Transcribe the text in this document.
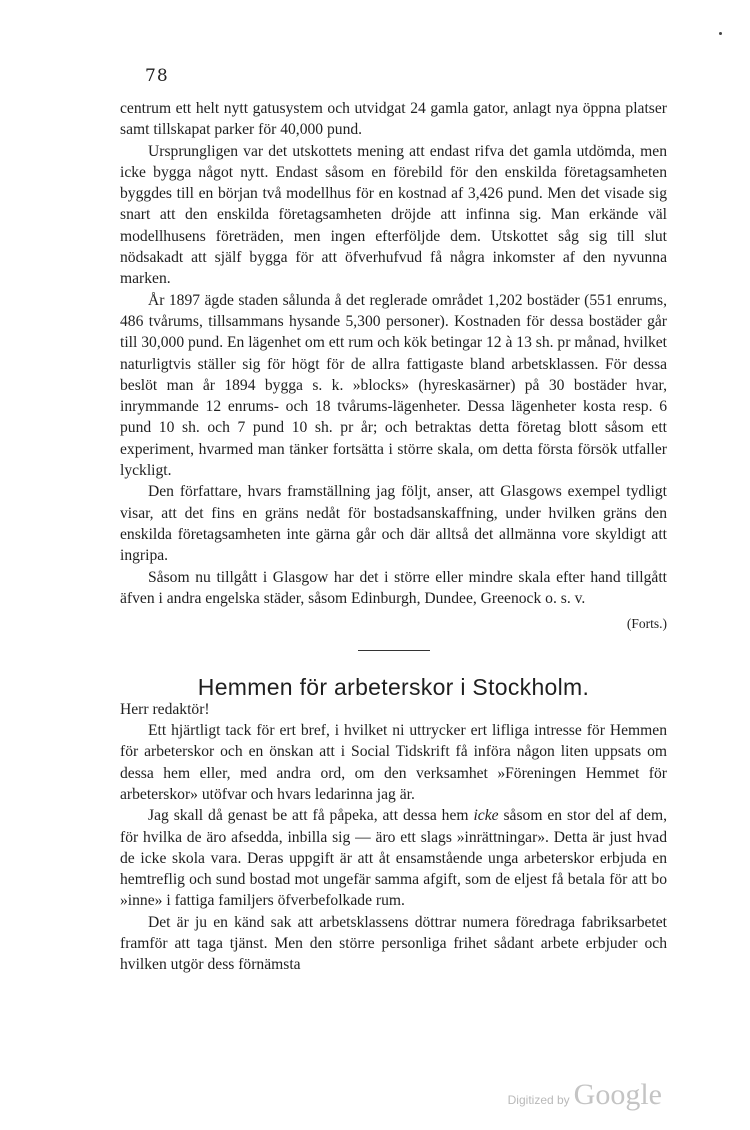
78

centrum ett helt nytt gatusystem och utvidgat 24 gamla gator, anlagt nya öppna platser samt tillskapat parker för 40,000 pund.

Ursprungligen var det utskottets mening att endast rifva det gamla utdömda, men icke bygga något nytt. Endast såsom en förebild för den enskilda företagsamheten byggdes till en början två modellhus för en kostnad af 3,426 pund. Men det visade sig snart att den enskilda företagsamheten dröjde att infinna sig. Man erkände väl modellhusens företräden, men ingen efterföljde dem. Utskottet såg sig till slut nödsakadt att själf bygga för att öfverhufvud få några inkomster af den nyvunna marken.

År 1897 ägde staden sålunda å det reglerade området 1,202 bostäder (551 enrums, 486 tvårums, tillsammans hysande 5,300 personer). Kostnaden för dessa bostäder går till 30,000 pund. En lägenhet om ett rum och kök betingar 12 à 13 sh. pr månad, hvilket naturligtvis ställer sig för högt för de allra fattigaste bland arbetsklassen. För dessa beslöt man år 1894 bygga s. k. »blocks» (hyreskasärner) på 30 bostäder hvar, inrymmande 12 enrums- och 18 tvårums-lägenheter. Dessa lägenheter kosta resp. 6 pund 10 sh. och 7 pund 10 sh. pr år; och betraktas detta företag blott såsom ett experiment, hvarmed man tänker fortsätta i större skala, om detta första försök utfaller lyckligt.

Den författare, hvars framställning jag följt, anser, att Glasgows exempel tydligt visar, att det fins en gräns nedåt för bostadsanskaffning, under hvilken gräns den enskilda företagsamheten inte gärna går och där alltså det allmänna vore skyldigt att ingripa.

Såsom nu tillgått i Glasgow har det i större eller mindre skala efter hand tillgått äfven i andra engelska städer, såsom Edinburgh, Dundee, Greenock o. s. v.

(Forts.)
Hemmen för arbeterskor i Stockholm.

Herr redaktör!

Ett hjärtligt tack för ert bref, i hvilket ni uttrycker ert lifliga intresse för Hemmen för arbeterskor och en önskan att i Social Tidskrift få införa någon liten uppsats om dessa hem eller, med andra ord, om den verksamhet »Föreningen Hemmet för arbeterskor» utöfvar och hvars ledarinna jag är.

Jag skall då genast be att få påpeka, att dessa hem icke såsom en stor del af dem, för hvilka de äro afsedda, inbilla sig — äro ett slags »inrättningar». Detta är just hvad de icke skola vara. Deras uppgift är att åt ensamstående unga arbeterskor erbjuda en hemtreflig och sund bostad mot ungefär samma afgift, som de eljest få betala för att bo »inne» i fattiga familjers öfverbefolkade rum.

Det är ju en känd sak att arbetsklassens döttrar numera föredraga fabriksarbetet framför att taga tjänst. Men den större personliga frihet sådant arbete erbjuder och hvilken utgör dess förnämsta

Digitized by Google
